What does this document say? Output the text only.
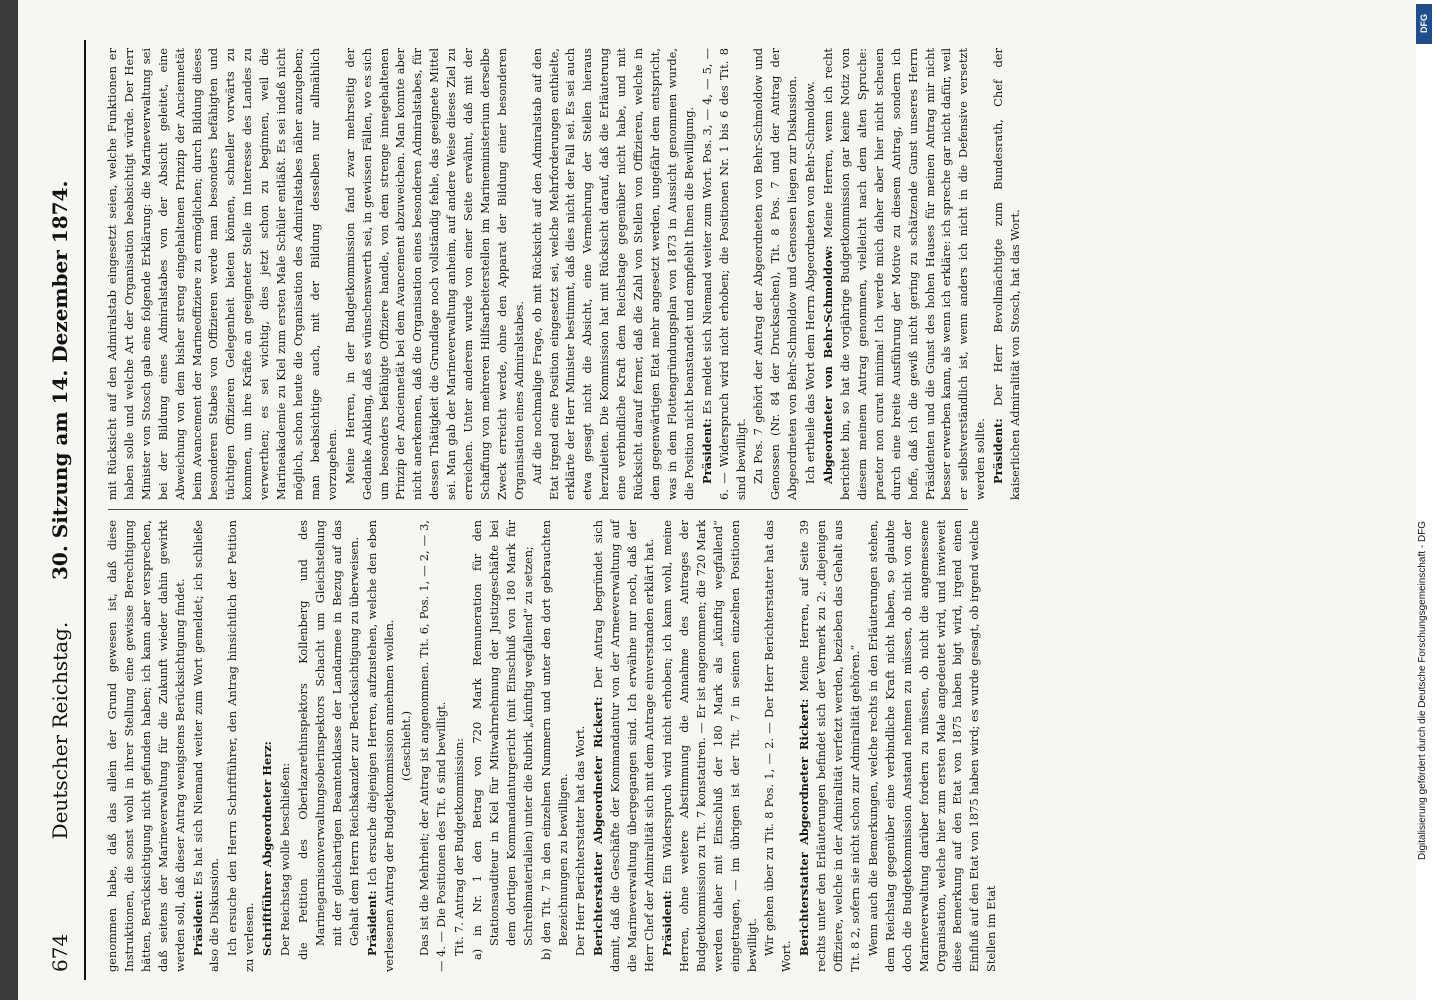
674
Deutscher Reichstag.      30. Sitzung am 14. Dezember 1874.

genommen habe, daß das allein der Grund gewesen ist, daß diese Instruktionen, die sonst wohl in ihrer Stellung eine gewisse Berechtigung hätten, Berücksichtigung nicht gefunden haben; ich kann aber versprechen, daß seitens der Marineverwaltung für die Zukunft wieder dahin gewirkt werden soll, daß dieser Antrag wenigstens Berücksichtigung findet. Präsident: Es hat sich Niemand weiter zum Wort gemeldet; ich schließe also die Diskussion. Ich ersuche den Herrn Schriftführer, den Antrag hinsichtlich der Petition zu verlesen. Schriftführer Abgeordneter Herz: Der Reichstag wolle beschließen: die Petition des Oberlazarethinspektors Kollenberg und des Marinegarnisonverwaltungsoberinspektors Schacht um Gleichstellung mit der gleichartigen Beamtenklasse der Landarmee in Bezug auf das Gehalt dem Herrn Reichskanzler zur Berücksichtigung zu überweisen. Präsident: Ich ersuche diejenigen Herren, aufzustehen, welche den eben verlesenen Antrag der Budgetkommission annehmen wollen. (Geschieht.) Das ist die Mehrheit; der Antrag ist angenommen. Tit. 6, Pos. 1, — 2, — 3, — 4. — Die Positionen des Tit. 6 sind bewilligt. Tit. 7. Antrag der Budgetkommission: a) in Nr. 1 den Betrag von 720 Mark Remuneration für den Stationsauditeur in Kiel für Mitwahrnehmung der Justizgeschäfte bei dem dortigen Kommandanturgericht (mit Einschluß von 180 Mark für Schreibmaterialien) unter die Rubrik „künftig wegfallend“ zu setzen; b) den Tit. 7 in den einzelnen Nummern und unter den dort gebrauchten Bezeichnungen zu bewilligen. Der Herr Berichterstatter hat das Wort. Berichterstatter Abgeordneter Rickert: Der Antrag begründet sich damit, daß die Geschäfte der Kommandantur von der Armeeverwaltung auf die Marineverwaltung übergegangen sind. Ich erwähne nur noch, daß der Herr Chef der Admiralität sich mit dem Antrage einverstanden erklärt hat. Präsident: Ein Widerspruch wird nicht erhoben; ich kann wohl, meine Herren, ohne weitere Abstimmung die Annahme des Antrages der Budgetkommission zu Tit. 7 konstatiren. — Er ist angenommen; die 720 Mark werden daher mit Einschluß der 180 Mark als „künftig wegfallend“ eingetragen, — im übrigen ist der Tit. 7 in seinen einzelnen Positionen bewilligt. Wir gehen über zu Tit. 8 Pos. 1, — 2. — Der Herr Berichterstatter hat das Wort.

Berichterstatter Abgeordneter Rickert: Meine Herren, auf Seite 39 rechts unter den Erläuterungen befindet sich der Vermerk zu 2: „diejenigen Offiziere, welche in der Admiralität verfetzt werden, bezieben das Gehalt aus Tit. 8 2, sofern sie nicht schon zur Admiralität gehören.“ Wenn auch die Bemerkungen, welche rechts in den Erläuterungen stehen, dem Reichstag gegenüber eine verbindliche Kraft nicht haben, so glaubte doch die Budgetkommission Anstand nehmen zu müssen, ob nicht von der Marineverwaltung darüber fordern zu müssen, ob nicht die angemessene Organisation, welche hier zum ersten Male angedeutet wird, und inwieweit diese Bemerkung auf den Etat von 1875 haben bigt wird, irgend einen Einfluß auf den Etat von 1875 haben wird; es wurde gesagt, ob irgend welche Stellen im Etat

mit Rücksicht auf den Admiralstab eingesetzt seien, welche Funktionen er haben solle und welche Art der Organisation beabsichtigt würde. Der Herr Minister von Stosch gab eine folgende Erklärung: die Marineverwaltung sei bei der Bildung eines Admiralstabes von der Absicht geleitet, eine Abweichung von dem bisher streng eingehaltenen Prinzip der Anciennetät beim Avancement der Marineoffiziere zu ermöglichen; durch Bildung dieses besonderen Stabes von Offizieren werde man besonders befähigten und tüchtigen Offizieren Gelegenheit bieten können, schneller vorwärts zu kommen, um ihre Kräfte an geeigneter Stelle im Interesse des Landes zu verwerthen; es sei wichtig, dies jetzt schon zu beginnen, weil die Marineakademie zu Kiel zum ersten Male Schüler entläßt. Es sei indeß nicht möglich, schon heute die Organisation des Admiralstabes näher anzugeben; man beabsichtige auch, mit der Bildung desselben nur allmählich vorzugehen. Meine Herren, in der Budgetkommission fand zwar mehrseitig der Gedanke Anklang, daß es wünschenswerth sei, in gewissen Fällen, wo es sich um besonders befähigte Offiziere handle, von dem strenge innegehaltenen Prinzip der Anciennetät bei dem Avancement abzuweichen. Man konnte aber nicht anerkennen, daß die Organisation eines besonderen Admiralstabes, für dessen Thätigkeit die Grundlage noch vollständig fehle, das geeignete Mittel sei. Man gab der Marineverwaltung anheim, auf andere Weise dieses Ziel zu erreichen. Unter anderem wurde von einer Seite erwähnt, daß mit der Schaffung von mehreren Hilfsarbeiterstellen im Marineministerium derselbe Zweck erreicht werde, ohne den Apparat der Bildung einer besonderen Organisation eines Admiralstabes. Auf die nochmalige Frage, ob mit Rücksicht auf den Admiralstab auf den Etat irgend eine Position eingesetzt sei, welche Mehrforderungen enthielte, erklärte der Herr Minister bestimmt, daß dies nicht der Fall sei. Es sei auch etwa gesagt nicht die Absicht, eine Vermehrung der Stellen hieraus herzuleiten. Die Kommission hat mit Rücksicht darauf, daß die Erläuterung eine verbindliche Kraft dem Reichstage gegenüber nicht habe, und mit Rücksicht darauf ferner, daß die Zahl von Stellen von Offizieren, welche in dem gegenwärtigen Etat mehr angesetzt werden, ungefähr dem entspricht, was in dem Flottengründungsplan von 1873 in Aussicht genommen wurde, die Position nicht beanstandet und empfiehlt Ihnen die Bewilligung. Präsident: Es meldet sich Niemand weiter zum Wort. Pos. 3, — 4, — 5, — 6. — Widerspruch wird nicht erhoben; die Positionen Nr. 1 bis 6 des Tit. 8 sind bewilligt. Zu Pos. 7 gehört der Antrag der Abgeordneten von Behr-Schmoldow und Genossen (Nr. 84 der Drucksachen), Tit. 8 Pos. 7 und der Antrag der Abgeordneten von Behr-Schmoldow und Genossen liegen zur Diskussion. Ich ertheile das Wort dem Herrn Abgeordneten von Behr-Schmoldow. Abgeordneter von Behr-Schmoldow: Meine Herren, wenn ich recht berichtet bin, so hat die vorjährige Budgetkommission gar keine Notiz von diesem meinem Antrag genommen, vielleicht nach dem alten Spruche: praetor non curat minima! Ich werde mich daher aber hier nicht scheuen durch eine breite Ausführung der Motive zu diesem Antrag, sondern ich hoffe, daß ich die gewiß nicht gering zu schätzende Gunst unseres Herrn Präsidenten und die Gunst des hohen Hauses für meinen Antrag mir nicht besser erwerben kann, als wenn ich erkläre: ich spreche gar nicht dafür, weil er selbstverständlich ist, wenn anders ich nicht in die Defensive versetzt werden sollte. Präsident: Der Herr Bevollmächtigte zum Bundesrath, Chef der kaiserlichen Admiralität von Stosch, hat das Wort.

Digitalisierung gefördert durch die Deutsche Forschungsgemeinschaft - DFG
DFG
